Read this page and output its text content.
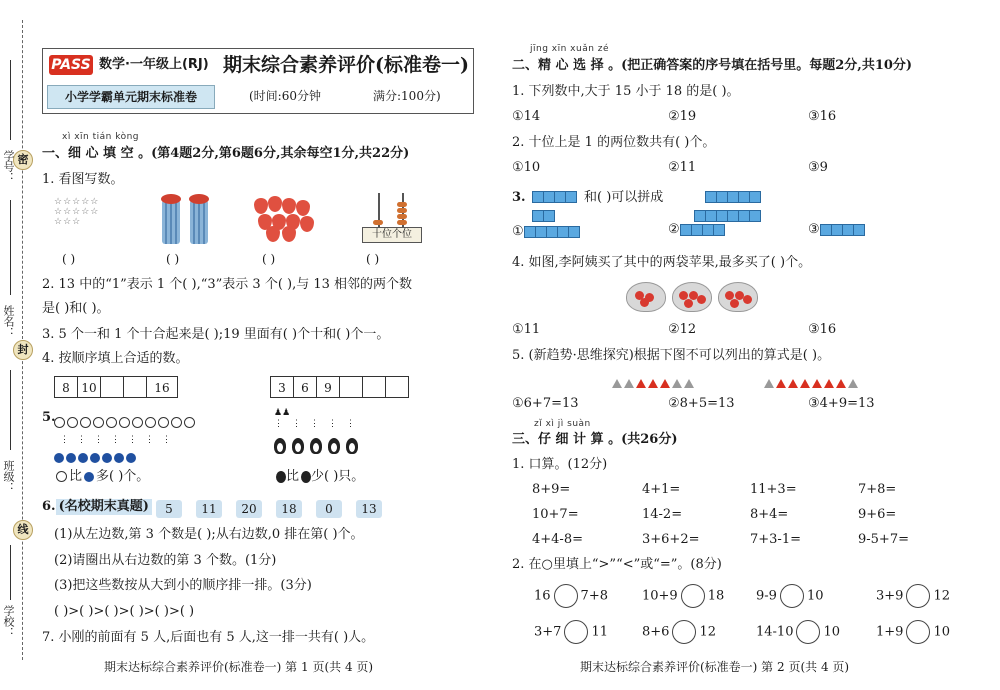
密
封
线
学号：
姓名：
班级：
学校：
PASS 数学·一年级上(RJ) 期末综合素养评价(标准卷一)
小学学霸单元期末标准卷	(时间:60分钟	满分:100分)
xì xīn tián kòng
一、细 心 填 空 。(第4题2分,第6题6分,其余每空1分,共22分)
1. 看图写数。
☆☆☆☆☆
☆☆☆☆☆
☆☆☆
十位个位
( )	( )	( )	( )
2. 13 中的“1”表示 1 个( ),“3”表示 3 个( ),与 13 相邻的两个数
是( )和( )。
3. 5 个一和 1 个十合起来是( );19 里面有( )个十和( )个一。
4. 按顺序填上合适的数。
8 10	16	3 6 9
5.
⋮⋮⋮⋮⋮⋮⋮
♟♟
⋮⋮⋮⋮⋮
比 多( )个。	比 少( )只。
6. (名校期末真题)	5 11 20 18 0 13
(1)从左边数,第 3 个数是( );从右边数,0 排在第( )个。
(2)请圈出从右边数的第 3 个数。(1分)
(3)把这些数按从大到小的顺序排一排。(3分)
( )>( )>( )>( )>( )>( )
7. 小刚的前面有 5 人,后面也有 5 人,这一排一共有( )人。
jīng xīn xuǎn zé
二、精 心 选 择 。(把正确答案的序号填在括号里。每题2分,共10分)
1. 下列数中,大于 15 小于 18 的是( )。
①14	②19	③16
2. 十位上是 1 的两位数共有( )个。
①10	②11	③9
3.	和( )可以拼成
①	②	③
4. 如图,李阿姨买了其中的两袋苹果,最多买了( )个。
①11	②12	③16
5. (新趋势·思维探究)根据下图不可以列出的算式是( )。
①6+7=13	②8+5=13	③4+9=13
zǐ xì jì suàn
三、仔 细 计 算 。(共26分)
1. 口算。(12分)
8+9=	4+1=	11+3=	7+8=
10+7=	14-2=	8+4=	9+6=
4+4-8=	3+6+2=	7+3-1=	9-5+7=
2. 在○里填上“>”“<”或“=”。(8分)
16 7+8	10+9 18 9-9 10	3+9 12
3+7 11	8+6 12	14-10 10	1+9 10
期末达标综合素养评价(标准卷一) 第 1 页(共 4 页)	期末达标综合素养评价(标准卷一) 第 2 页(共 4 页)
